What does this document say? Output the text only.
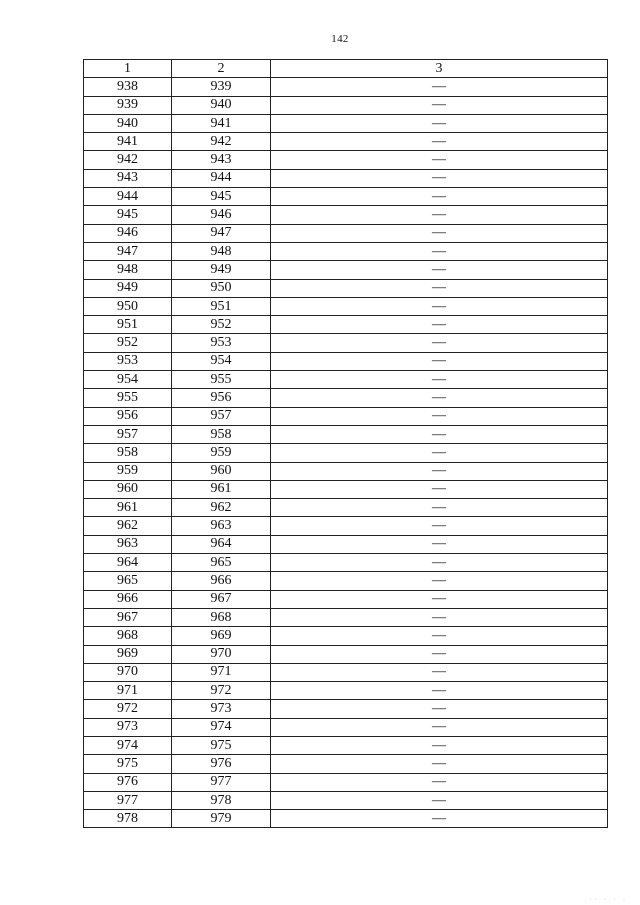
142
1	2	3
938	939	—
939	940	—
940	941	—
941	942	—
942	943	—
943	944	—
944	945	—
945	946	—
946	947	—
947	948	—
948	949	—
949	950	—
950	951	—
951	952	—
952	953	—
953	954	—
954	955	—
955	956	—
956	957	—
957	958	—
958	959	—
959	960	—
960	961	—
961	962	—
962	963	—
963	964	—
964	965	—
965	966	—
966	967	—
967	968	—
968	969	—
969	970	—
970	971	—
971	972	—
972	973	—
973	974	—
974	975	—
975	976	—
976	977	—
977	978	—
978	979	—
·· · · ·
